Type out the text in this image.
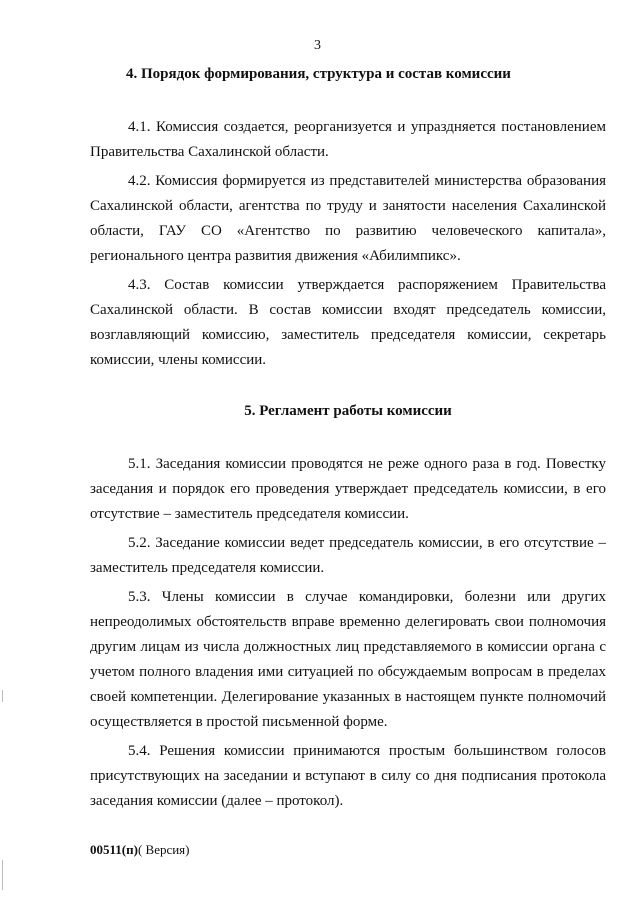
3

4. Порядок формирования, структура и состав комиссии

4.1. Комиссия создается, реорганизуется и упраздняется постановлением Правительства Сахалинской области.

4.2. Комиссия формируется из представителей министерства образования Сахалинской области, агентства по труду и занятости населения Сахалинской области, ГАУ СО «Агентство по развитию человеческого капитала», регионального центра развития движения «Абилимпикс».

4.3. Состав комиссии утверждается распоряжением Правительства Сахалинской области. В состав комиссии входят председатель комиссии, возглавляющий комиссию, заместитель председателя комиссии, секретарь комиссии, члены комиссии.

5. Регламент работы комиссии

5.1. Заседания комиссии проводятся не реже одного раза в год. Повестку заседания и порядок его проведения утверждает председатель комиссии, в его отсутствие – заместитель председателя комиссии.

5.2. Заседание комиссии ведет председатель комиссии, в его отсутствие – заместитель председателя комиссии.

5.3. Члены комиссии в случае командировки, болезни или других непреодолимых обстоятельств вправе временно делегировать свои полномочия другим лицам из числа должностных лиц представляемого в комиссии органа с учетом полного владения ими ситуацией по обсуждаемым вопросам в пределах своей компетенции. Делегирование указанных в настоящем пункте полномочий осуществляется в простой письменной форме.

5.4. Решения комиссии принимаются простым большинством голосов присутствующих на заседании и вступают в силу со дня подписания протокола заседания комиссии (далее – протокол).

00511(п)( Версия)
